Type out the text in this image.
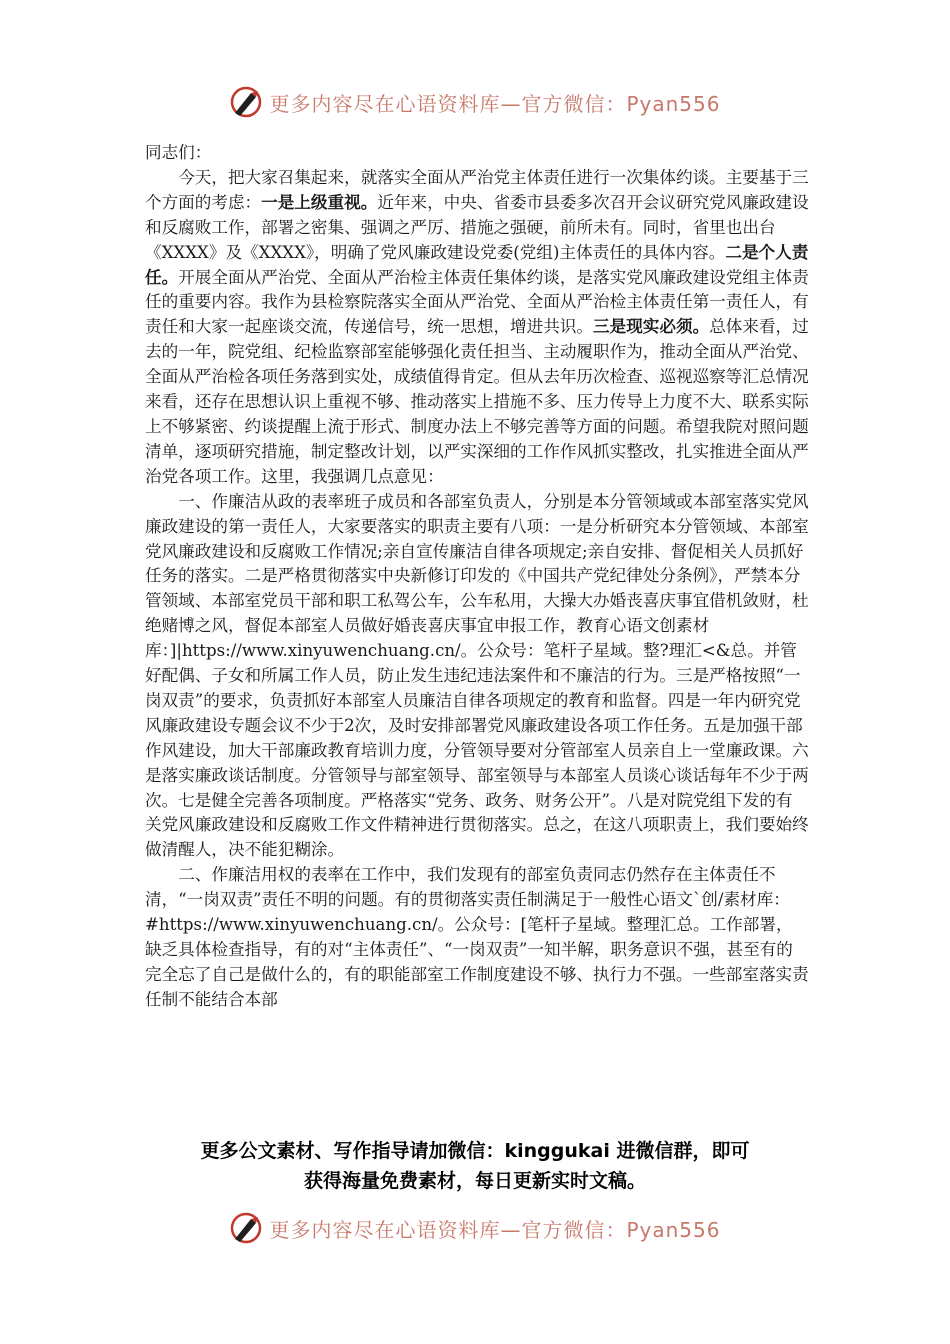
更多内容尽在心语资料库—官方微信：Pyan556

同志们：

今天，把大家召集起来，就落实全面从严治党主体责任进行一次集体约谈。主要基于三个方面的考虑：一是上级重视。近年来，中央、省委市县委多次召开会议研究党风廉政建设和反腐败工作，部署之密集、强调之严厉、措施之强硬，前所未有。同时，省里也出台《XXXX》及《XXXX》，明确了党风廉政建设党委(党组)主体责任的具体内容。二是个人责任。开展全面从严治党、全面从严治检主体责任集体约谈，是落实党风廉政建设党组主体责任的重要内容。我作为县检察院落实全面从严治党、全面从严治检主体责任第一责任人，有责任和大家一起座谈交流，传递信号，统一思想，增进共识。三是现实必须。总体来看，过去的一年，院党组、纪检监察部室能够强化责任担当、主动履职作为，推动全面从严治党、全面从严治检各项任务落到实处，成绩值得肯定。但从去年历次检查、巡视巡察等汇总情况来看，还存在思想认识上重视不够、推动落实上措施不多、压力传导上力度不大、联系实际上不够紧密、约谈提醒上流于形式、制度办法上不够完善等方面的问题。希望我院对照问题清单，逐项研究措施，制定整改计划，以严实深细的工作作风抓实整改，扎实推进全面从严治党各项工作。这里，我强调几点意见：

一、作廉洁从政的表率班子成员和各部室负责人，分别是本分管领域或本部室落实党风廉政建设的第一责任人，大家要落实的职责主要有八项：一是分析研究本分管领域、本部室党风廉政建设和反腐败工作情况;亲自宣传廉洁自律各项规定;亲自安排、督促相关人员抓好任务的落实。二是严格贯彻落实中央新修订印发的《中国共产党纪律处分条例》，严禁本分管领域、本部室党员干部和职工私驾公车，公车私用，大操大办婚丧喜庆事宜借机敛财，杜绝赌博之风，督促本部室人员做好婚丧喜庆事宜申报工作，教育心语文创素材库：]|https://www.xinyuwenchuang.cn/。公众号：笔杆子星域。整?理汇<&总。并管好配偶、子女和所属工作人员，防止发生违纪违法案件和不廉洁的行为。三是严格按照“一岗双责”的要求，负责抓好本部室人员廉洁自律各项规定的教育和监督。四是一年内研究党风廉政建设专题会议不少于2次，及时安排部署党风廉政建设各项工作任务。五是加强干部作风建设，加大干部廉政教育培训力度，分管领导要对分管部室人员亲自上一堂廉政课。六是落实廉政谈话制度。分管领导与部室领导、部室领导与本部室人员谈心谈话每年不少于两次。七是健全完善各项制度。严格落实“党务、政务、财务公开”。八是对院党组下发的有关党风廉政建设和反腐败工作文件精神进行贯彻落实。总之，在这八项职责上，我们要始终做清醒人，决不能犯糊涂。

二、作廉洁用权的表率在工作中，我们发现有的部室负责同志仍然存在主体责任不清，“一岗双责”责任不明的问题。有的贯彻落实责任制满足于一般性心语文`创/素材库：#https://www.xinyuwenchuang.cn/。公众号：[笔杆子星域。整理汇总。工作部署，缺乏具体检查指导，有的对“主体责任”、“一岗双责”一知半解，职务意识不强，甚至有的完全忘了自己是做什么的，有的职能部室工作制度建设不够、执行力不强。一些部室落实责任制不能结合本部

更多公文素材、写作指导请加微信：kinggukai 进微信群，即可
获得海量免费素材，每日更新实时文稿。
更多内容尽在心语资料库—官方微信：Pyan556
